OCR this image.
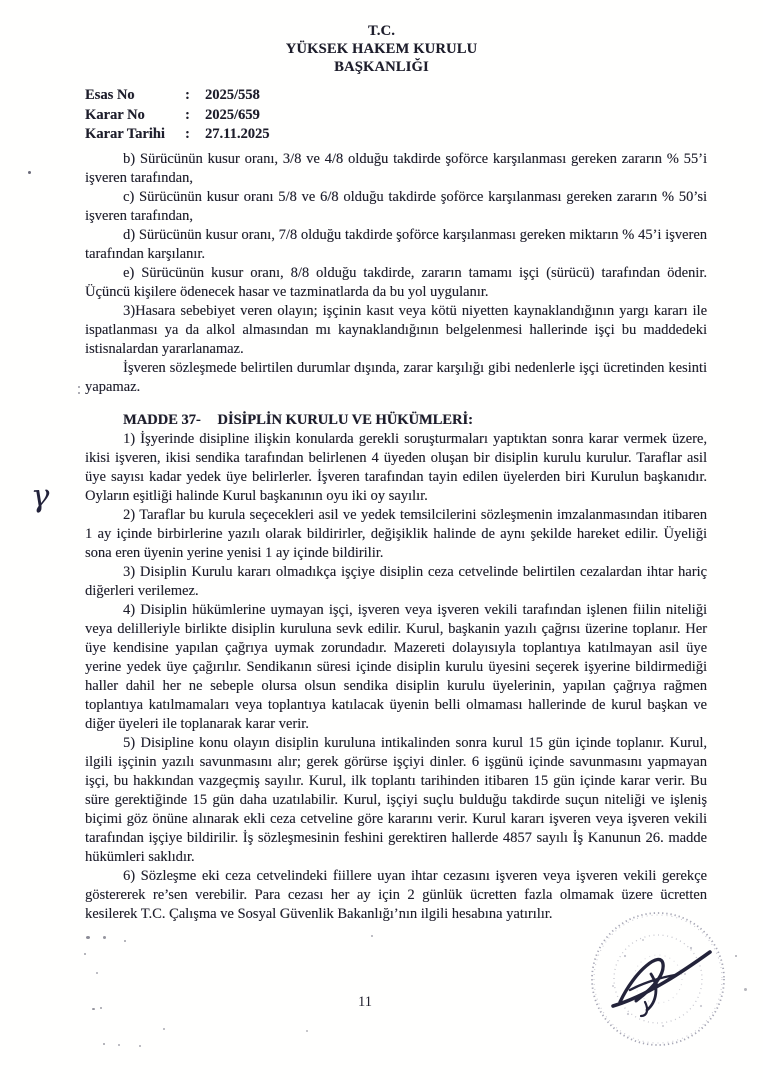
T.C.
YÜKSEK HAKEM KURULU
BAŞKANLIĞI
Esas No	:	2025/558
Karar No	:	2025/659
Karar Tarihi	:	27.11.2025

b) Sürücünün kusur oranı, 3/8 ve 4/8 olduğu takdirde şoförce karşılanması gereken zararın % 55’i işveren tarafından,

c) Sürücünün kusur oranı 5/8 ve 6/8 olduğu takdirde şoförce karşılanması gereken zararın % 50’si işveren tarafından,

d) Sürücünün kusur oranı, 7/8 olduğu takdirde şoförce karşılanması gereken miktarın % 45’i işveren tarafından karşılanır.

e) Sürücünün kusur oranı, 8/8 olduğu takdirde, zararın tamamı işçi (sürücü) tarafından ödenir. Üçüncü kişilere ödenecek hasar ve tazminatlarda da bu yol uygulanır.

3)Hasara sebebiyet veren olayın; işçinin kasıt veya kötü niyetten kaynaklandığının yargı kararı ile ispatlanması ya da alkol almasından mı kaynaklandığının belgelenmesi hallerinde işçi bu maddedeki istisnalardan yararlanamaz.

İşveren sözleşmede belirtilen durumlar dışında, zarar karşılığı gibi nedenlerle işçi ücretinden kesinti yapamaz.

MADDE 37- DİSİPLİN KURULU VE HÜKÜMLERİ:

1) İşyerinde disipline ilişkin konularda gerekli soruşturmaları yaptıktan sonra karar vermek üzere, ikisi işveren, ikisi sendika tarafından belirlenen 4 üyeden oluşan bir disiplin kurulu kurulur. Taraflar asil üye sayısı kadar yedek üye belirlerler. İşveren tarafından tayin edilen üyelerden biri Kurulun başkanıdır. Oyların eşitliği halinde Kurul başkanının oyu iki oy sayılır.

2) Taraflar bu kurula seçecekleri asil ve yedek temsilcilerini sözleşmenin imzalanmasından itibaren 1 ay içinde birbirlerine yazılı olarak bildirirler, değişiklik halinde de aynı şekilde hareket edilir. Üyeliği sona eren üyenin yerine yenisi 1 ay içinde bildirilir.

3) Disiplin Kurulu kararı olmadıkça işçiye disiplin ceza cetvelinde belirtilen cezalardan ihtar hariç diğerleri verilemez.

4) Disiplin hükümlerine uymayan işçi, işveren veya işveren vekili tarafından işlenen fiilin niteliği veya delilleriyle birlikte disiplin kuruluna sevk edilir. Kurul, başkanin yazılı çağrısı üzerine toplanır. Her üye kendisine yapılan çağrıya uymak zorundadır. Mazereti dolayısıyla toplantıya katılmayan asil üye yerine yedek üye çağırılır. Sendikanın süresi içinde disiplin kurulu üyesini seçerek işyerine bildirmediği haller dahil her ne sebeple olursa olsun sendika disiplin kurulu üyelerinin, yapılan çağrıya rağmen toplantıya katılmamaları veya toplantıya katılacak üyenin belli olmaması hallerinde de kurul başkan ve diğer üyeleri ile toplanarak karar verir.

5) Disipline konu olayın disiplin kuruluna intikalinden sonra kurul 15 gün içinde toplanır. Kurul, ilgili işçinin yazılı savunmasını alır; gerek görürse işçiyi dinler. 6 işgünü içinde savunmasını yapmayan işçi, bu hakkından vazgeçmiş sayılır. Kurul, ilk toplantı tarihinden itibaren 15 gün içinde karar verir. Bu süre gerektiğinde 15 gün daha uzatılabilir. Kurul, işçiyi suçlu bulduğu takdirde suçun niteliği ve işleniş biçimi göz önüne alınarak ekli ceza cetveline göre kararını verir. Kurul kararı işveren veya işveren vekili tarafından işçiye bildirilir. İş sözleşmesinin feshini gerektiren hallerde 4857 sayılı İş Kanunun 26. madde hükümleri saklıdır.

6) Sözleşme eki ceza cetvelindeki fiillere uyan ihtar cezasını işveren veya işveren vekili gerekçe göstererek re’sen verebilir. Para cezası her ay için 2 günlük ücretten fazla olmamak üzere ücretten kesilerek T.C. Çalışma ve Sosyal Güvenlik Bakanlığı’nın ilgili hesabına yatırılır.

γ
11
